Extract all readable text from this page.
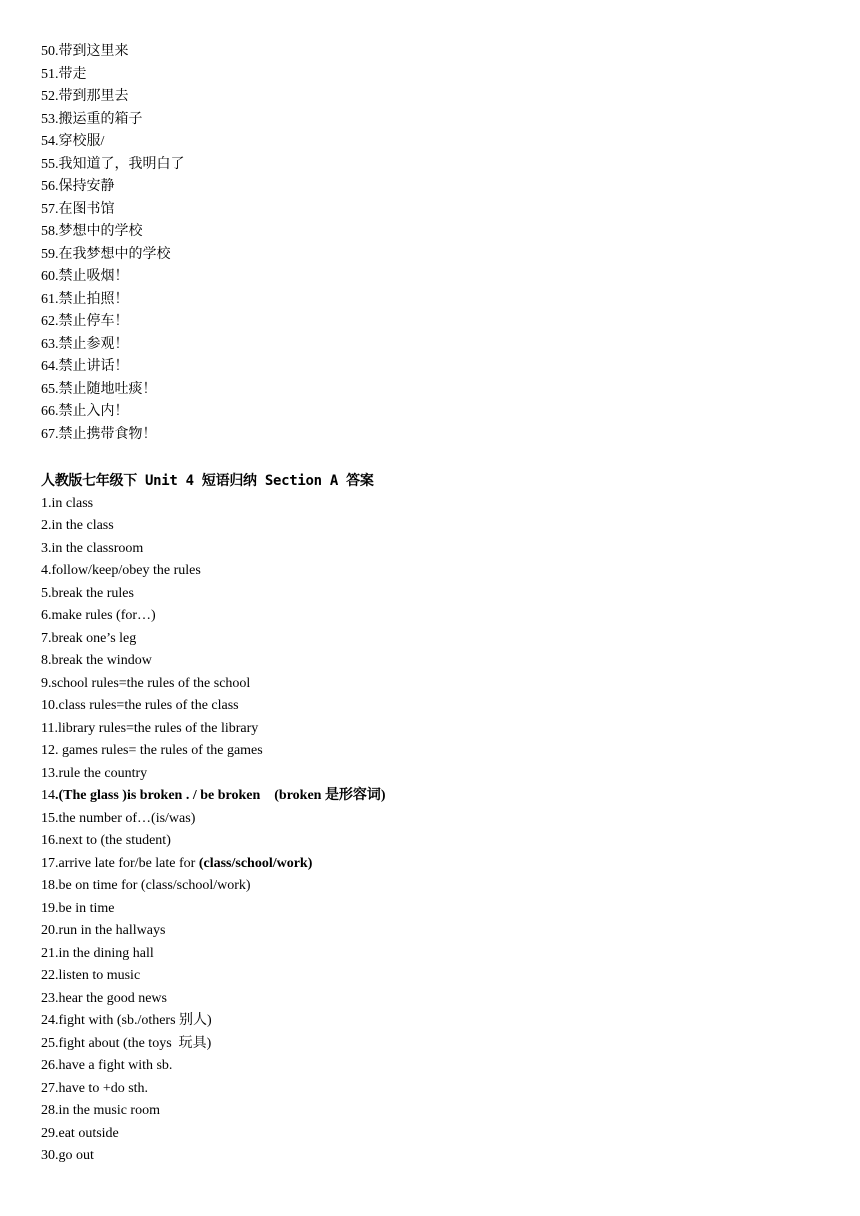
50.带到这里来
51.带走
52.带到那里去
53.搬运重的箱子
54.穿校服/
55.我知道了，我明白了
56.保持安静
57.在图书馆
58.梦想中的学校
59.在我梦想中的学校
60.禁止吸烟！
61.禁止拍照！
62.禁止停车！
63.禁止参观！
64.禁止讲话！
65.禁止随地吐痰！
66.禁止入内！
67.禁止携带食物！
人教版七年级下 Unit 4 短语归纳 Section A 答案
1.in class
2.in the class
3.in the classroom
4.follow/keep/obey the rules
5.break the rules
6.make rules (for…)
7.break one’s leg
8.break the window
9.school rules=the rules of the school
10.class rules=the rules of the class
11.library rules=the rules of the library
12. games rules= the rules of the games
13.rule the country
14.(The glass )is broken . / be broken    (broken 是形容词)
15.the number of…(is/was)
16.next to (the student)
17.arrive late for/be late for (class/school/work)
18.be on time for (class/school/work)
19.be in time
20.run in the hallways
21.in the dining hall
22.listen to music
23.hear the good news
24.fight with (sb./others 别人)
25.fight about (the toys  玩具)
26.have a fight with sb.
27.have to +do sth.
28.in the music room
29.eat outside
30.go out
